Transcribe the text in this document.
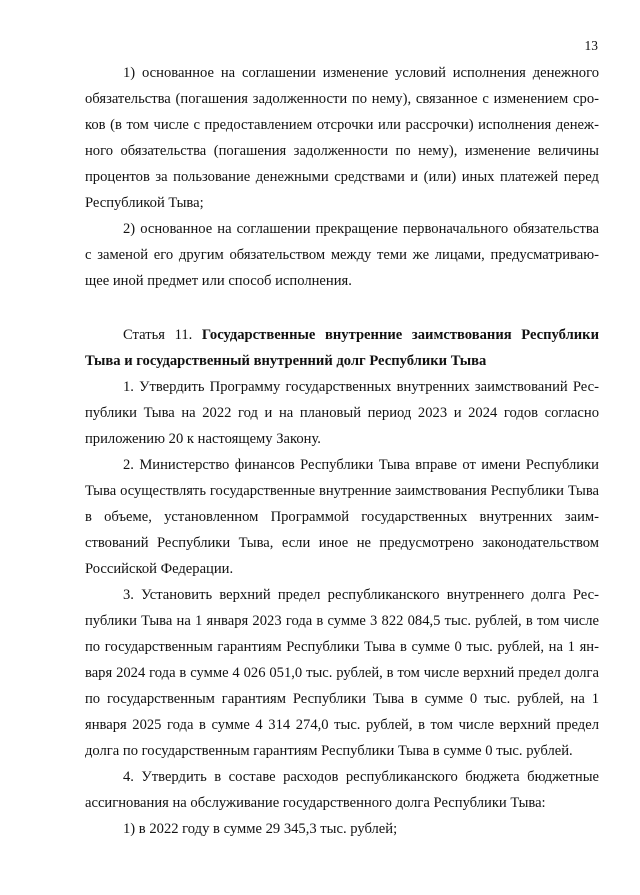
13

1) основанное на соглашении изменение условий исполнения денежного обязательства (погашения задолженности по нему), связанное с изменением сроков (в том числе с предоставлением отсрочки или рассрочки) исполнения денежного обязательства (погашения задолженности по нему), изменение величины процентов за пользование денежными средствами и (или) иных платежей перед Республикой Тыва;

2) основанное на соглашении прекращение первоначального обязательства с заменой его другим обязательством между теми же лицами, предусматривающее иной предмет или способ исполнения.

Статья 11. Государственные внутренние заимствования Республики Тыва и государственный внутренний долг Республики Тыва

1. Утвердить Программу государственных внутренних заимствований Республики Тыва на 2022 год и на плановый период 2023 и 2024 годов согласно приложению 20 к настоящему Закону.

2. Министерство финансов Республики Тыва вправе от имени Республики Тыва осуществлять государственные внутренние заимствования Республики Тыва в объеме, установленном Программой государственных внутренних заимствований Республики Тыва, если иное не предусмотрено законодательством Российской Федерации.

3. Установить верхний предел республиканского внутреннего долга Республики Тыва на 1 января 2023 года в сумме 3 822 084,5 тыс. рублей, в том числе по государственным гарантиям Республики Тыва в сумме 0 тыс. рублей, на 1 января 2024 года в сумме 4 026 051,0 тыс. рублей, в том числе верхний предел долга по государственным гарантиям Республики Тыва в сумме 0 тыс. рублей, на 1 января 2025 года в сумме 4 314 274,0 тыс. рублей, в том числе верхний предел долга по государственным гарантиям Республики Тыва в сумме 0 тыс. рублей.

4. Утвердить в составе расходов республиканского бюджета бюджетные ассигнования на обслуживание государственного долга Республики Тыва:

1) в 2022 году в сумме 29 345,3 тыс. рублей;
